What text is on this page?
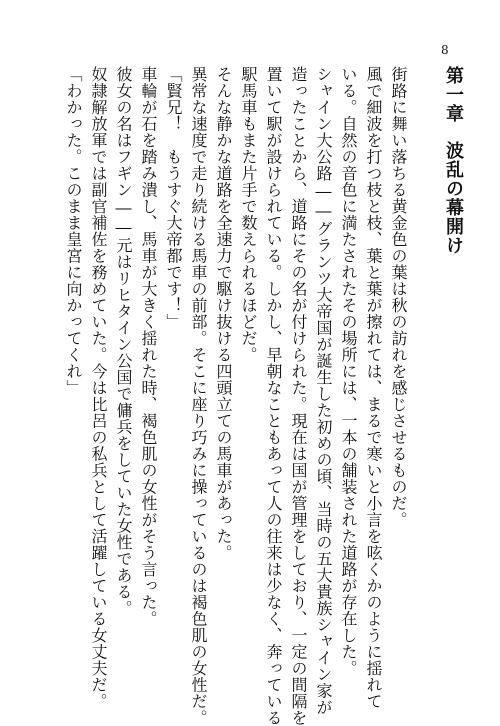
8
第一章波乱の幕開け
街路に舞い落ちる黄金色の葉は秋の訪れを感じさせるものだ。
風で細波を打つ枝と枝、葉と葉が擦れては、まるで寒いと小言を呟くかのように揺れて
いる。自然の音色に満たされたその場所には、一本の舗装された道路が存在した。
シャイン大公路――グランツ大帝国が誕生した初めの頃、当時の五大貴族シャイン家が
造ったことから、道路にその名が付けられた。現在は国が管理をしており、一定の間隔を
置いて駅が設けられている。しかし、早朝なこともあって人の往来は少なく、奔っている
駅馬車もまた片手で数えられるほどだ。
そんな静かな道路を全速力で駆け抜ける四頭立ての馬車があった。
異常な速度で走り続ける馬車の前部。そこに座り巧みに操っているのは褐色肌の女性だ。
「賢兄！　もうすぐ大帝都です！」
車輪が石を踏み潰し、馬車が大きく揺れた時、褐色肌の女性がそう言った。
彼女の名はフギン――元はリヒタイン公国で傭兵をしていた女性である。
奴隷解放軍では副官補佐を務めていた。今は比呂の私兵として活躍している女丈夫だ。
「わかった。このまま皇宮に向かってくれ」
